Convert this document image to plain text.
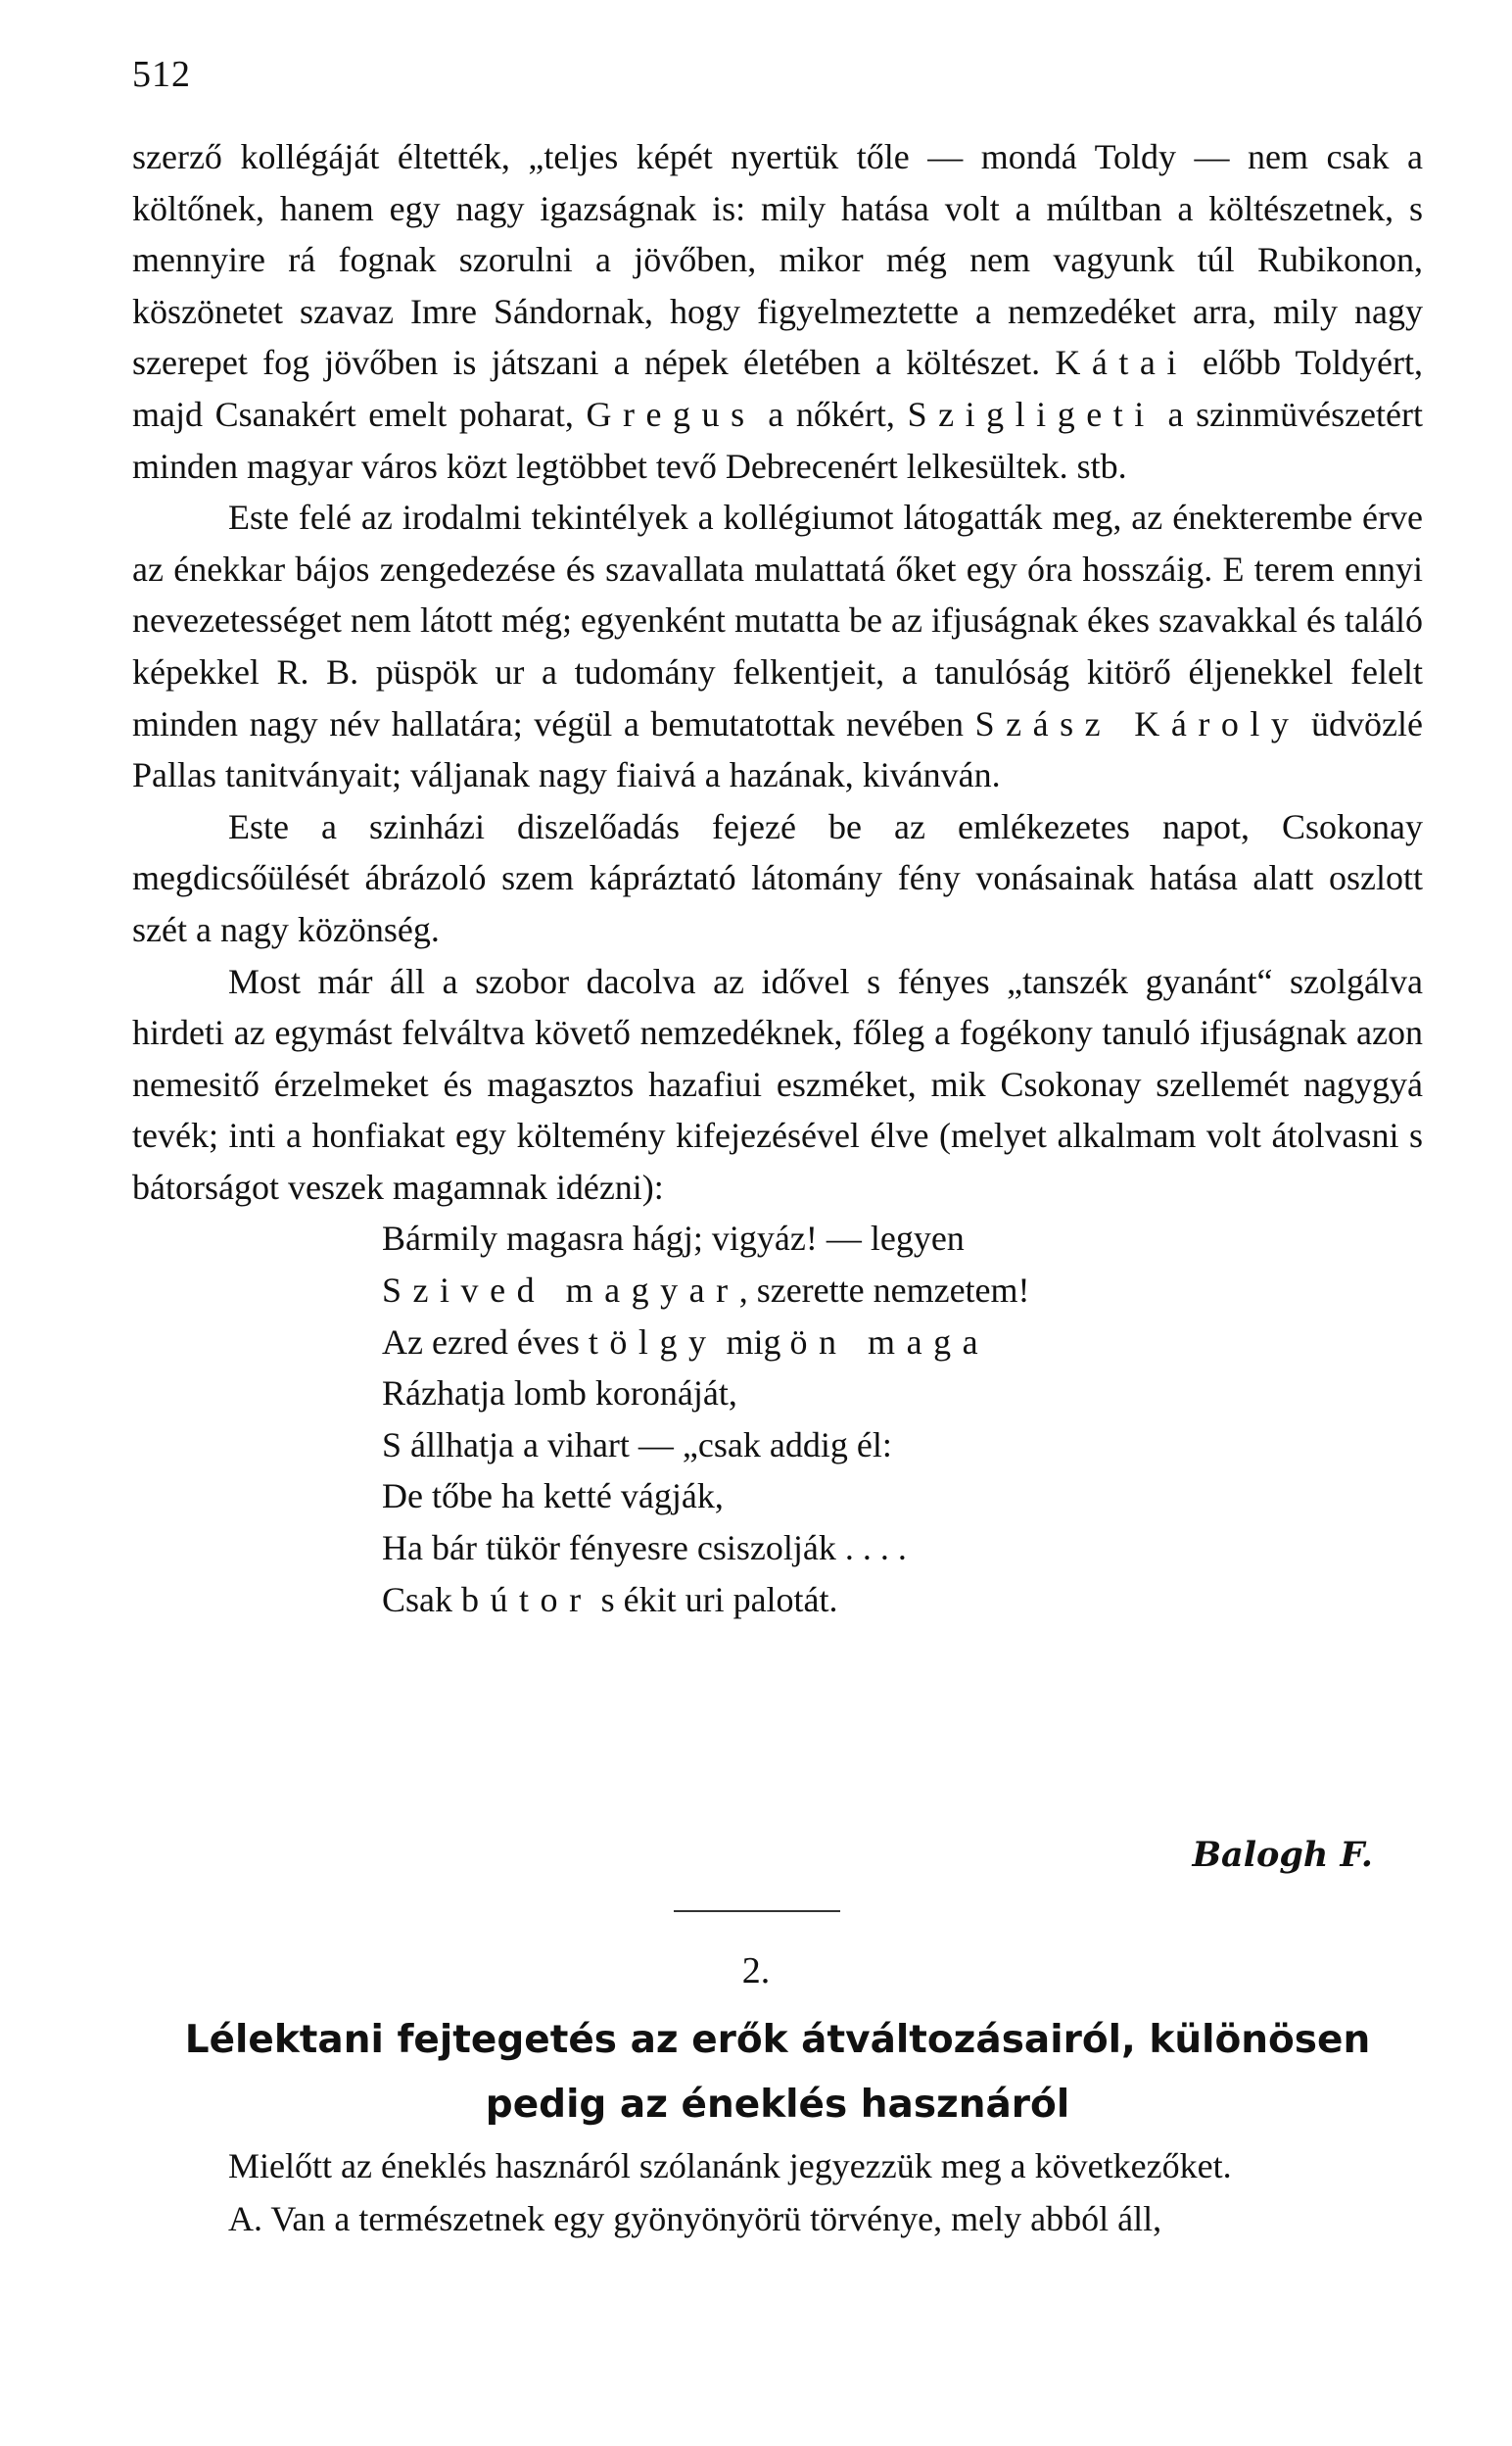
512

szerző kollégáját éltették, „teljes képét nyertük tőle — mondá Toldy — nem csak a költőnek, hanem egy nagy igazságnak is: mily hatása volt a múltban a költészetnek, s mennyire rá fognak szorulni a jövőben, mikor még nem vagyunk túl Rubikonon, köszönetet szavaz Imre Sándornak, hogy figyelmeztette a nemzedéket arra, mily nagy szerepet fog jövőben is játszani a népek életében a költészet. Kátai előbb Toldyért, majd Csanakért emelt poharat, Gregus a nőkért, Szigligeti a szinmüvészetért minden magyar város közt legtöbbet tevő Debrecenért lelkesültek. stb.

Este felé az irodalmi tekintélyek a kollégiumot látogatták meg, az énekterembe érve az énekkar bájos zengedezése és szavallata mulattatá őket egy óra hosszáig. E terem ennyi nevezetességet nem látott még; egyenként mutatta be az ifjuságnak ékes szavakkal és találó képekkel R. B. püspök ur a tudomány felkentjeit, a tanulóság kitörő éljenekkel felelt minden nagy név hallatára; végül a bemutatottak nevében Szász Károly üdvözlé Pallas tanitványait; váljanak nagy fiaivá a hazának, kivánván.

Este a szinházi diszelőadás fejezé be az emlékezetes napot, Csokonay megdicsőülését ábrázoló szem kápráztató látomány fény vonásainak hatása alatt oszlott szét a nagy közönség.

Most már áll a szobor dacolva az idővel s fényes „tanszék gyanánt“ szolgálva hirdeti az egymást felváltva követő nemzedéknek, főleg a fogékony tanuló ifjuságnak azon nemesitő érzelmeket és magasztos hazafiui eszméket, mik Csokonay szellemét nagygyá tevék; inti a honfiakat egy költemény kifejezésével élve (melyet alkalmam volt átolvasni s bátorságot veszek magamnak idézni):

Bármily magasra hágj; vigyáz! — legyen
Szived magyar, szerette nemzetem!
Az ezred éves tölgy mig ön maga
Rázhatja lomb koronáját,
S állhatja a vihart — „csak addig él:
De tőbe ha ketté vágják,
Ha bár tükör fényesre csiszolják . . . .
Csak bútor s ékit uri palotát.
Balogh F.
2.
Lélektani fejtegetés az erők átváltozásairól, különösen
pedig az éneklés hasznáról

Mielőtt az éneklés hasznáról szólanánk jegyezzük meg a következőket.

A. Van a természetnek egy gyönyönyörü törvénye, mely abból áll,
